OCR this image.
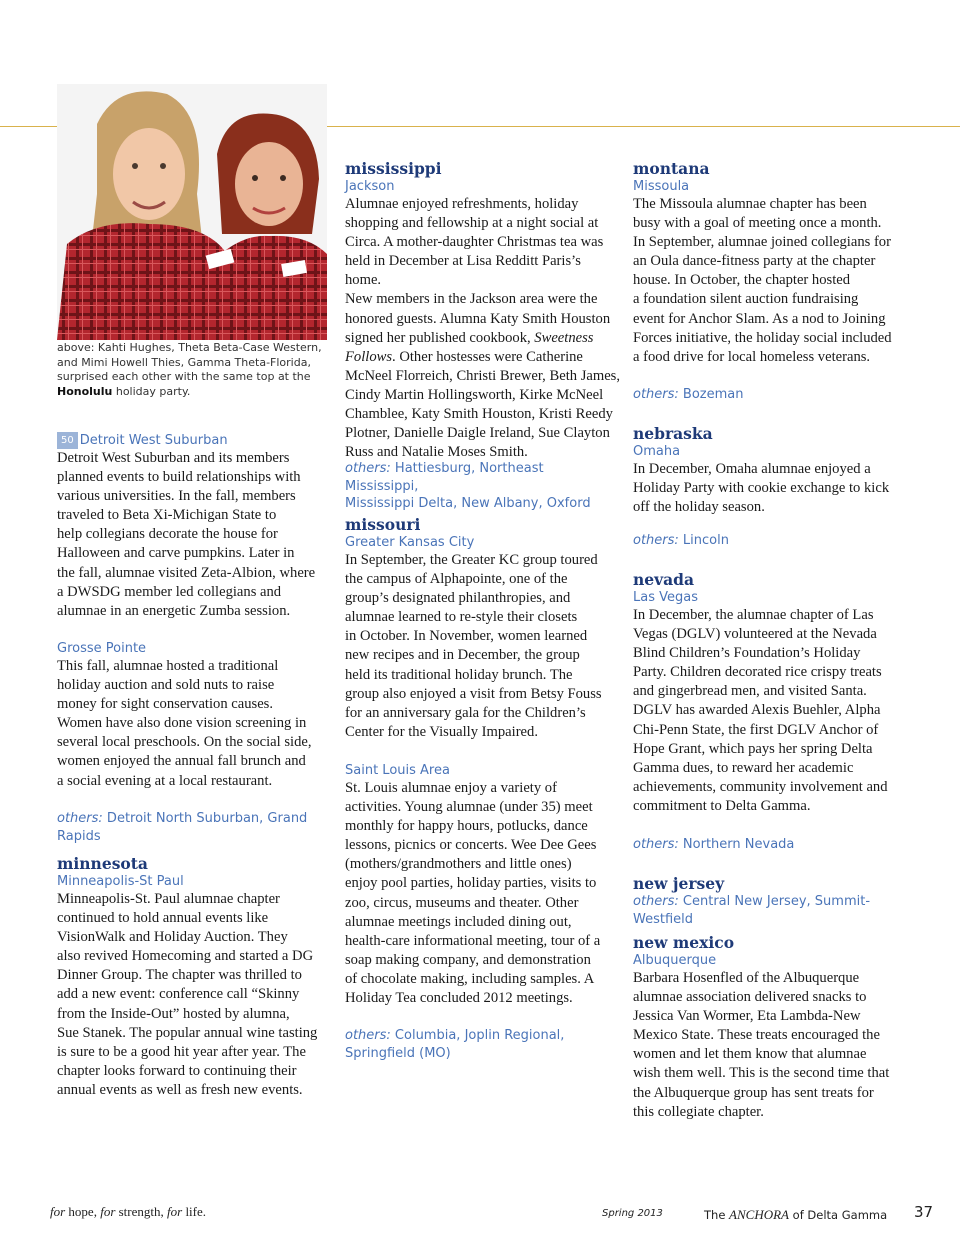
above: Kahti Hughes, Theta Beta-Case Western, and Mimi Howell Thies, Gamma Theta-Florida, surprised each other with the same top at the Honolulu holiday party.
50 Detroit West Suburban
Detroit West Suburban and its members
planned events to build relationships with
various universities. In the fall, members
traveled to Beta Xi-Michigan State to
help collegians decorate the house for
Halloween and carve pumpkins. Later in
the fall, alumnae visited Zeta-Albion, where
a DWSDG member led collegians and
alumnae in an energetic Zumba session.
Grosse Pointe
This fall, alumnae hosted a traditional
holiday auction and sold nuts to raise
money for sight conservation causes.
Women have also done vision screening in
several local preschools. On the social side,
women enjoyed the annual fall brunch and
a social evening at a local restaurant.
others: Detroit North Suburban, Grand Rapids
minnesota
Minneapolis-St Paul
Minneapolis-St. Paul alumnae chapter
continued to hold annual events like
VisionWalk and Holiday Auction. They
also revived Homecoming and started a DG
Dinner Group. The chapter was thrilled to
add a new event: conference call “Skinny
from the Inside-Out” hosted by alumna,
Sue Stanek. The popular annual wine tasting
is sure to be a good hit year after year. The
chapter looks forward to continuing their
annual events as well as fresh new events.
mississippi
Jackson
Alumnae enjoyed refreshments, holiday
shopping and fellowship at a night social at
Circa. A mother-daughter Christmas tea was
held in December at Lisa Redditt Paris’s home.
New members in the Jackson area were the
honored guests. Alumna Katy Smith Houston
signed her published cookbook, Sweetness
Follows. Other hostesses were Catherine
McNeel Florreich, Christi Brewer, Beth James,
Cindy Martin Hollingsworth, Kirke McNeel
Chamblee, Katy Smith Houston, Kristi Reedy
Plotner, Danielle Daigle Ireland, Sue Clayton
Russ and Natalie Moses Smith.
others: Hattiesburg, Northeast Mississippi,
Mississippi Delta, New Albany, Oxford
missouri
Greater Kansas City
In September, the Greater KC group toured
the campus of Alphapointe, one of the
group’s designated philanthropies, and
alumnae learned to re-style their closets
in October. In November, women learned
new recipes and in December, the group
held its traditional holiday brunch. The
group also enjoyed a visit from Betsy Fouss
for an anniversary gala for the Children’s
Center for the Visually Impaired.
Saint Louis Area
St. Louis alumnae enjoy a variety of
activities. Young alumnae (under 35) meet
monthly for happy hours, potlucks, dance
lessons, picnics or concerts. Wee Dee Gees
(mothers/grandmothers and little ones)
enjoy pool parties, holiday parties, visits to
zoo, circus, museums and theater. Other
alumnae meetings included dining out,
health-care informational meeting, tour of a
soap making company, and demonstration
of chocolate making, including samples. A
Holiday Tea concluded 2012 meetings.
others: Columbia, Joplin Regional,
Springfield (MO)
montana
Missoula
The Missoula alumnae chapter has been
busy with a goal of meeting once a month.
In September, alumnae joined collegians for
an Oula dance-fitness party at the chapter
house. In October, the chapter hosted
a foundation silent auction fundraising
event for Anchor Slam. As a nod to Joining
Forces initiative, the holiday social included
a food drive for local homeless veterans.
others: Bozeman
nebraska
Omaha
In December, Omaha alumnae enjoyed a
Holiday Party with cookie exchange to kick
off the holiday season.
others: Lincoln
nevada
Las Vegas
In December, the alumnae chapter of Las
Vegas (DGLV) volunteered at the Nevada
Blind Children’s Foundation’s Holiday
Party. Children decorated rice crispy treats
and gingerbread men, and visited Santa.
DGLV has awarded Alexis Buehler, Alpha
Chi-Penn State, the first DGLV Anchor of
Hope Grant, which pays her spring Delta
Gamma dues, to reward her academic
achievements, community involvement and
commitment to Delta Gamma.
others: Northern Nevada
new jersey
others: Central New Jersey, Summit-Westfield
new mexico
Albuquerque
Barbara Hosenfled of the Albuquerque
alumnae association delivered snacks to
Jessica Van Wormer, Eta Lambda-New
Mexico State. These treats encouraged the
women and let them know that alumnae
wish them well. This is the second time that
the Albuquerque group has sent treats for
this collegiate chapter.
for hope, for strength, for life.	Spring 2013	The ANCHORA of Delta Gamma 37
